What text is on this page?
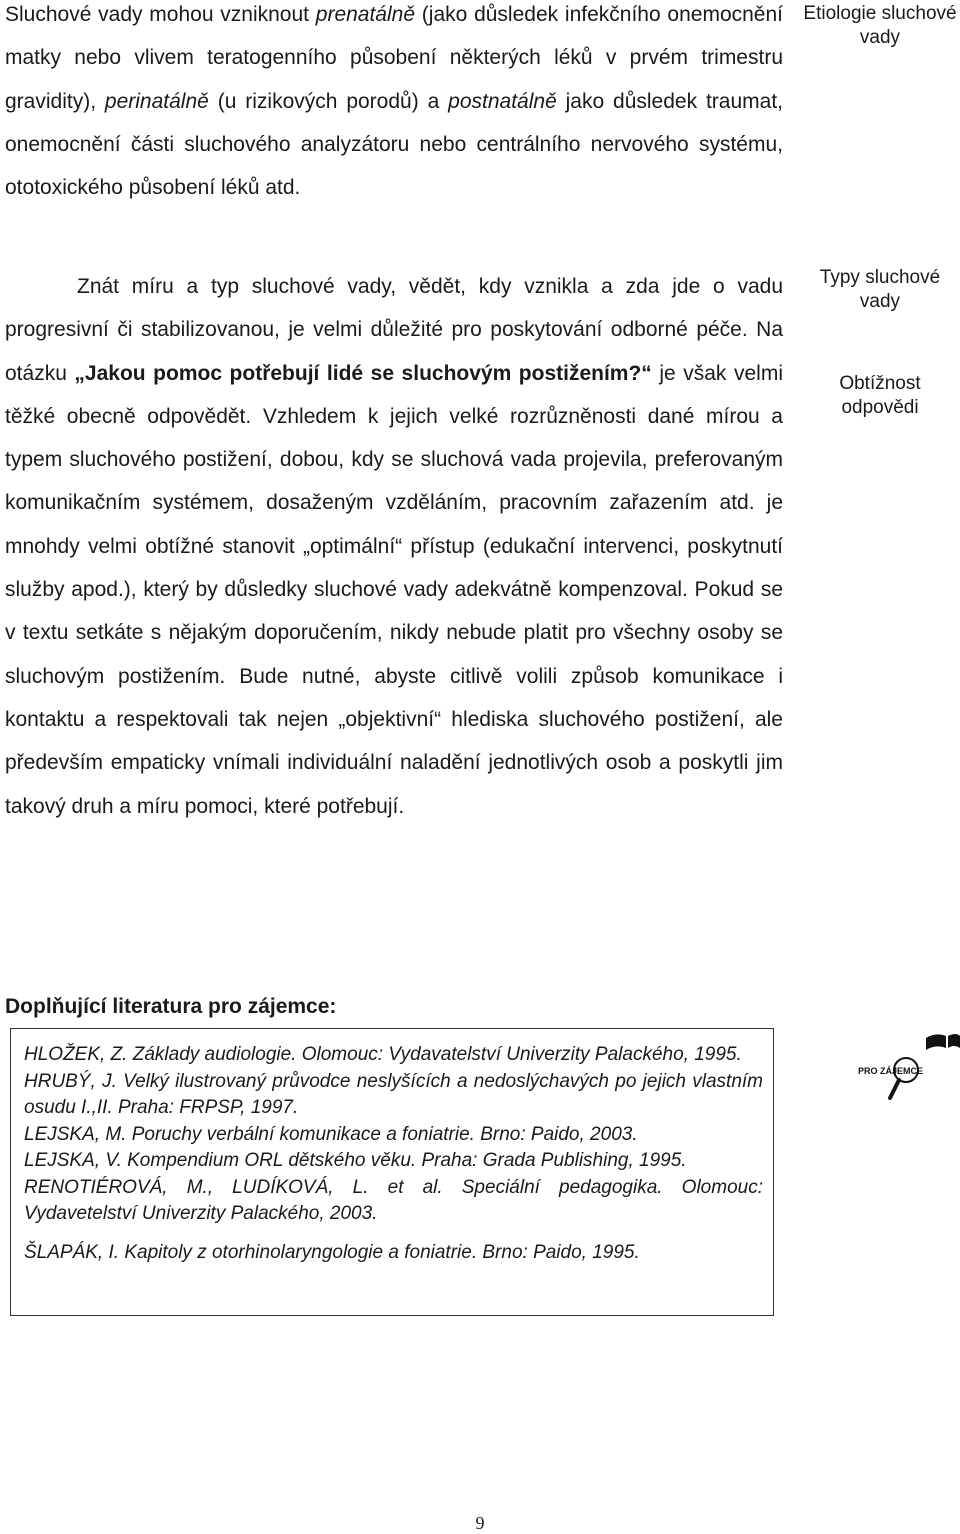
Sluchové vady mohou vzniknout prenatálně (jako důsledek infekčního onemocnění matky nebo vlivem teratogenního působení některých léků v prvém trimestru gravidity), perinatálně (u rizikových porodů) a postnatálně jako důsledek traumat, onemocnění části sluchového analyzátoru nebo centrálního nervového systému, ototoxického působení léků atd.
Znát míru a typ sluchové vady, vědět, kdy vznikla a zda jde o vadu progresivní či stabilizovanou, je velmi důležité pro poskytování odborné péče. Na otázku „Jakou pomoc potřebují lidé se sluchovým postižením?“ je však velmi těžké obecně odpovědět. Vzhledem k jejich velké rozrůzněnosti dané mírou a typem sluchového postižení, dobou, kdy se sluchová vada projevila, preferovaným komunikačním systémem, dosaženým vzděláním, pracovním zařazením atd. je mnohdy velmi obtížné stanovit „optimální“ přístup (edukační intervenci, poskytnutí služby apod.), který by důsledky sluchové vady adekvátně kompenzoval. Pokud se v textu setkáte s nějakým doporučením, nikdy nebude platit pro všechny osoby se sluchovým postižením. Bude nutné, abyste citlivě volili způsob komunikace i kontaktu a respektovali tak nejen „objektivní“ hlediska sluchového postižení, ale především empaticky vnímali individuální naladění jednotlivých osob a poskytli jim takový druh a míru pomoci, které potřebují.
Etiologie sluchové vady
Typy sluchové vady
Obtížnost odpovědi
Doplňující literatura pro zájemce:

HLOŽEK, Z. Základy audiologie. Olomouc: Vydavatelství Univerzity Palackého, 1995.

HRUBÝ, J. Velký ilustrovaný průvodce neslyšících a nedoslýchavých po jejich vlastním osudu I.,II. Praha: FRPSP, 1997.

LEJSKA, M. Poruchy verbální komunikace a foniatrie. Brno: Paido, 2003.

LEJSKA, V. Kompendium ORL dětského věku. Praha: Grada Publishing, 1995.

RENOTIÉROVÁ, M., LUDÍKOVÁ, L. et al. Speciální pedagogika. Olomouc: Vydavetelství Univerzity Palackého, 2003.

ŠLAPÁK, I. Kapitoly z otorhinolaryngologie a foniatrie. Brno: Paido, 1995.

PRO ZÁJEMCE
9
